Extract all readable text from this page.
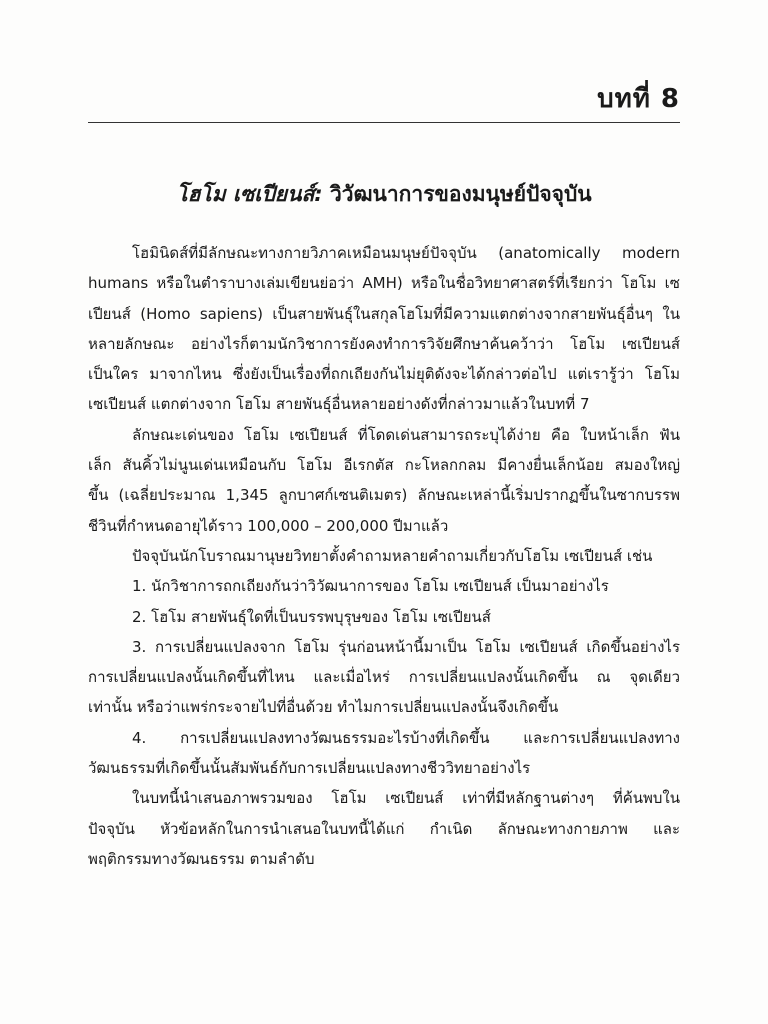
บทที่ 8
โฮโม เซเปียนส์: วิวัฒนาการของมนุษย์ปัจจุบัน
โฮมินิดส์ที่มีลักษณะทางกายวิภาคเหมือนมนุษย์ปัจจุบัน (anatomically modern
humans หรือในตำราบางเล่มเขียนย่อว่า AMH) หรือในชื่อวิทยาศาสตร์ที่เรียกว่า โฮโม เซ
เปียนส์ (Homo sapiens) เป็นสายพันธุ์ในสกุลโฮโมที่มีความแตกต่างจากสายพันธุ์อื่นๆ ใน
หลายลักษณะ อย่างไรก็ตามนักวิชาการยังคงทำการวิจัยศึกษาค้นคว้าว่า โฮโม เซเปียนส์
เป็นใคร มาจากไหน ซึ่งยังเป็นเรื่องที่ถกเถียงกันไม่ยุติดังจะได้กล่าวต่อไป แต่เรารู้ว่า โฮโม
เซเปียนส์ แตกต่างจาก โฮโม สายพันธุ์อื่นหลายอย่างดังที่กล่าวมาแล้วในบทที่ 7
ลักษณะเด่นของ โฮโม เซเปียนส์ ที่โดดเด่นสามารถระบุได้ง่าย คือ ใบหน้าเล็ก ฟัน
เล็ก สันคิ้วไม่นูนเด่นเหมือนกับ โฮโม อีเรกตัส กะโหลกกลม มีคางยื่นเล็กน้อย สมองใหญ่
ขึ้น (เฉลี่ยประมาณ 1,345 ลูกบาศก์เซนติเมตร) ลักษณะเหล่านี้เริ่มปรากฏขึ้นในซากบรรพ
ชีวินที่กำหนดอายุได้ราว 100,000 – 200,000 ปีมาแล้ว
ปัจจุบันนักโบราณมานุษยวิทยาตั้งคำถามหลายคำถามเกี่ยวกับโฮโม เซเปียนส์ เช่น
1. นักวิชาการถกเถียงกันว่าวิวัฒนาการของ โฮโม เซเปียนส์ เป็นมาอย่างไร
2. โฮโม สายพันธุ์ใดที่เป็นบรรพบุรุษของ โฮโม เซเปียนส์
3. การเปลี่ยนแปลงจาก โฮโม รุ่นก่อนหน้านี้มาเป็น โฮโม เซเปียนส์ เกิดขึ้นอย่างไร
การเปลี่ยนแปลงนั้นเกิดขึ้นที่ไหน และเมื่อไหร่ การเปลี่ยนแปลงนั้นเกิดขึ้น ณ จุดเดียว
เท่านั้น หรือว่าแพร่กระจายไปที่อื่นด้วย ทำไมการเปลี่ยนแปลงนั้นจึงเกิดขึ้น
4. การเปลี่ยนแปลงทางวัฒนธรรมอะไรบ้างที่เกิดขึ้น และการเปลี่ยนแปลงทาง
วัฒนธรรมที่เกิดขึ้นนั้นสัมพันธ์กับการเปลี่ยนแปลงทางชีววิทยาอย่างไร
ในบทนี้นำเสนอภาพรวมของ โฮโม เซเปียนส์ เท่าที่มีหลักฐานต่างๆ ที่ค้นพบใน
ปัจจุบัน หัวข้อหลักในการนำเสนอในบทนี้ได้แก่ กำเนิด ลักษณะทางกายภาพ และ
พฤติกรรมทางวัฒนธรรม ตามลำดับ
